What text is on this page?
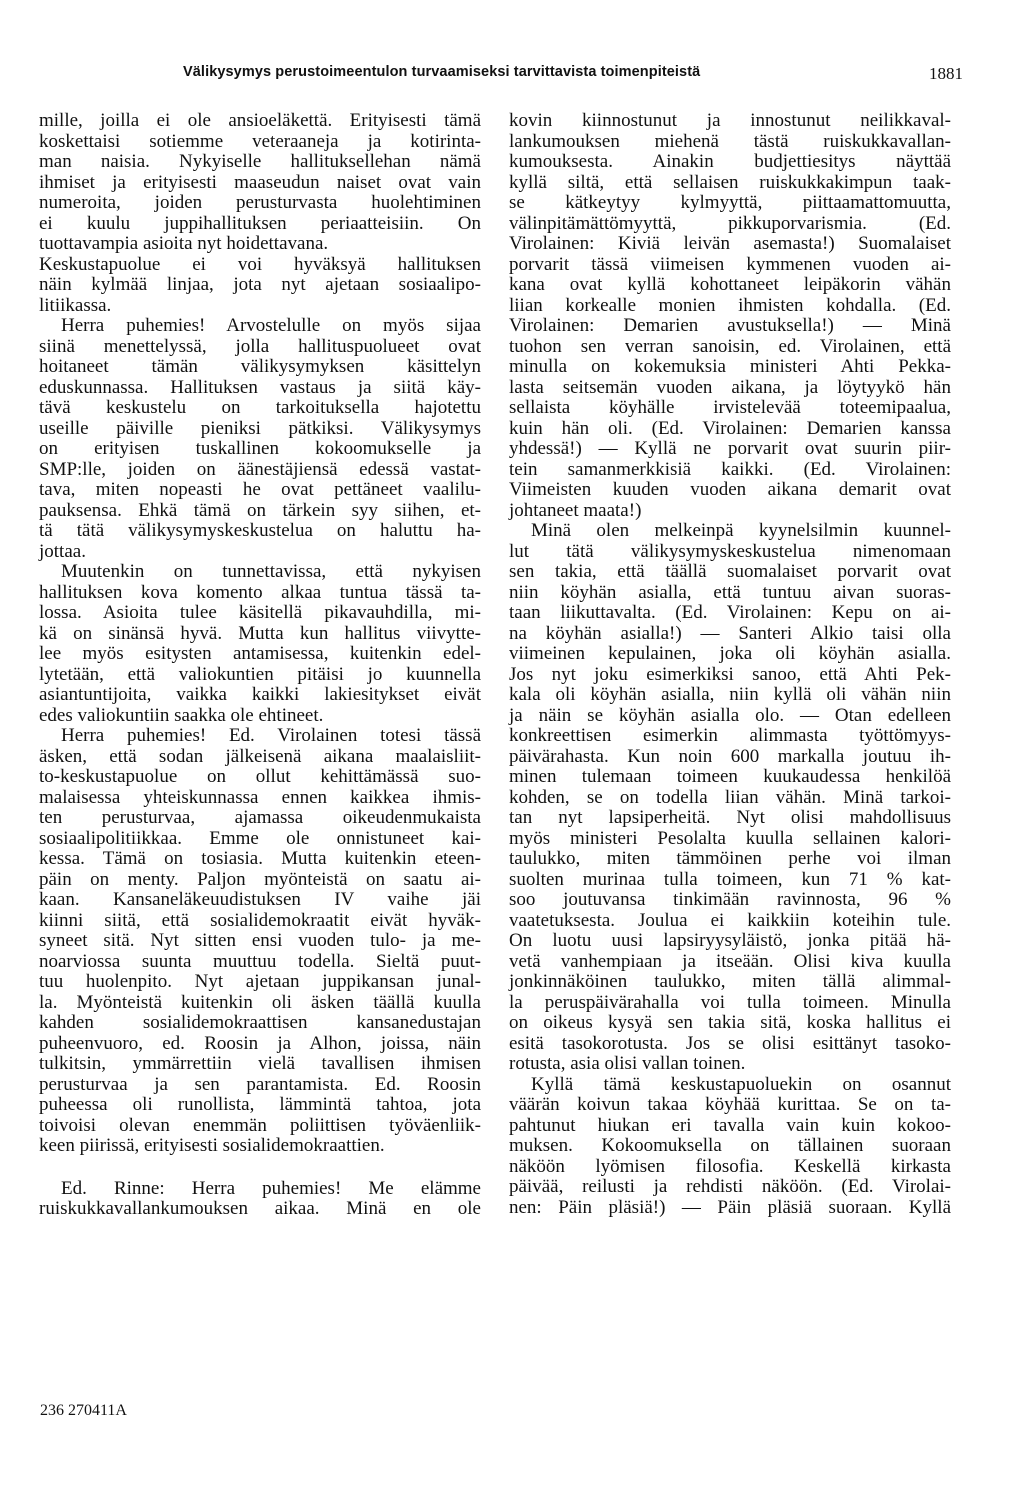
Välikysymys perustoimeentulon turvaamiseksi tarvittavista toimenpiteistä	1881
mille, joilla ei ole ansioeläkettä. Erityisesti tämä
koskettaisi sotiemme veteraaneja ja kotirinta-
man naisia. Nykyiselle hallituksellehan nämä
ihmiset ja erityisesti maaseudun naiset ovat vain
numeroita, joiden perusturvasta huolehtiminen
ei kuulu juppihallituksen periaatteisiin. On
tuottavampia asioita nyt hoidettavana.
Keskustapuolue ei voi hyväksyä hallituksen
näin kylmää linjaa, jota nyt ajetaan sosiaalipo-
litiikassa.
Herra puhemies! Arvostelulle on myös sijaa
siinä menettelyssä, jolla hallituspuolueet ovat
hoitaneet tämän välikysymyksen käsittelyn
eduskunnassa. Hallituksen vastaus ja siitä käy-
tävä keskustelu on tarkoituksella hajotettu
useille päiville pieniksi pätkiksi. Välikysymys
on erityisen tuskallinen kokoomukselle ja
SMP:lle, joiden on äänestäjiensä edessä vastat-
tava, miten nopeasti he ovat pettäneet vaalilu-
pauksensa. Ehkä tämä on tärkein syy siihen, et-
tä tätä välikysymyskeskustelua on haluttu ha-
jottaa.
Muutenkin on tunnettavissa, että nykyisen
hallituksen kova komento alkaa tuntua tässä ta-
lossa. Asioita tulee käsitellä pikavauhdilla, mi-
kä on sinänsä hyvä. Mutta kun hallitus viivytte-
lee myös esitysten antamisessa, kuitenkin edel-
lytetään, että valiokuntien pitäisi jo kuunnella
asiantuntijoita, vaikka kaikki lakiesitykset eivät
edes valiokuntiin saakka ole ehtineet.
Herra puhemies! Ed. Virolainen totesi tässä
äsken, että sodan jälkeisenä aikana maalaisliit-
to-keskustapuolue on ollut kehittämässä suo-
malaisessa yhteiskunnassa ennen kaikkea ihmis-
ten perusturvaa, ajamassa oikeudenmukaista
sosiaalipolitiikkaa. Emme ole onnistuneet kai-
kessa. Tämä on tosiasia. Mutta kuitenkin eteen-
päin on menty. Paljon myönteistä on saatu ai-
kaan. Kansaneläkeuudistuksen IV vaihe jäi
kiinni siitä, että sosialidemokraatit eivät hyväk-
syneet sitä. Nyt sitten ensi vuoden tulo- ja me-
noarviossa suunta muuttuu todella. Sieltä puut-
tuu huolenpito. Nyt ajetaan juppikansan junal-
la. Myönteistä kuitenkin oli äsken täällä kuulla
kahden sosialidemokraattisen kansanedustajan
puheenvuoro, ed. Roosin ja Alhon, joissa, näin
tulkitsin, ymmärrettiin vielä tavallisen ihmisen
perusturvaa ja sen parantamista. Ed. Roosin
puheessa oli runollista, lämmintä tahtoa, jota
toivoisi olevan enemmän poliittisen työväenliik-
keen piirissä, erityisesti sosialidemokraattien.
Ed. Rinne: Herra puhemies! Me elämme
ruiskukkavallankumouksen aikaa. Minä en ole
kovin kiinnostunut ja innostunut neilikkaval-
lankumouksen miehenä tästä ruiskukkavallan-
kumouksesta. Ainakin budjettiesitys näyttää
kyllä siltä, että sellaisen ruiskukkakimpun taak-
se kätkeytyy kylmyyttä, piittaamattomuutta,
välinpitämättömyyttä, pikkuporvarismia. (Ed.
Virolainen: Kiviä leivän asemasta!) Suomalaiset
porvarit tässä viimeisen kymmenen vuoden ai-
kana ovat kyllä kohottaneet leipäkorin vähän
liian korkealle monien ihmisten kohdalla. (Ed.
Virolainen: Demarien avustuksella!) — Minä
tuohon sen verran sanoisin, ed. Virolainen, että
minulla on kokemuksia ministeri Ahti Pekka-
lasta seitsemän vuoden aikana, ja löytyykö hän
sellaista köyhälle irvistelevää toteemipaalua,
kuin hän oli. (Ed. Virolainen: Demarien kanssa
yhdessä!) — Kyllä ne porvarit ovat suurin piir-
tein samanmerkkisiä kaikki. (Ed. Virolainen:
Viimeisten kuuden vuoden aikana demarit ovat
johtaneet maata!)
Minä olen melkeinpä kyynelsilmin kuunnel-
lut tätä välikysymyskeskustelua nimenomaan
sen takia, että täällä suomalaiset porvarit ovat
niin köyhän asialla, että tuntuu aivan suoras-
taan liikuttavalta. (Ed. Virolainen: Kepu on ai-
na köyhän asialla!) — Santeri Alkio taisi olla
viimeinen kepulainen, joka oli köyhän asialla.
Jos nyt joku esimerkiksi sanoo, että Ahti Pek-
kala oli köyhän asialla, niin kyllä oli vähän niin
ja näin se köyhän asialla olo. — Otan edelleen
konkreettisen esimerkin alimmasta työttömyys-
päivärahasta. Kun noin 600 markalla joutuu ih-
minen tulemaan toimeen kuukaudessa henkilöä
kohden, se on todella liian vähän. Minä tarkoi-
tan nyt lapsiperheitä. Nyt olisi mahdollisuus
myös ministeri Pesolalta kuulla sellainen kalori-
taulukko, miten tämmöinen perhe voi ilman
suolten murinaa tulla toimeen, kun 71 % kat-
soo joutuvansa tinkimään ravinnosta, 96 %
vaatetuksesta. Joulua ei kaikkiin koteihin tule.
On luotu uusi lapsiryysyläistö, jonka pitää hä-
vetä vanhempiaan ja itseään. Olisi kiva kuulla
jonkinnäköinen taulukko, miten tällä alimmal-
la peruspäivärahalla voi tulla toimeen. Minulla
on oikeus kysyä sen takia sitä, koska hallitus ei
esitä tasokorotusta. Jos se olisi esittänyt tasoko-
rotusta, asia olisi vallan toinen.
Kyllä tämä keskustapuoluekin on osannut
väärän koivun takaa köyhää kurittaa. Se on ta-
pahtunut hiukan eri tavalla vain kuin kokoo-
muksen. Kokoomuksella on tällainen suoraan
näköön lyömisen filosofia. Keskellä kirkasta
päivää, reilusti ja rehdisti näköön. (Ed. Virolai-
nen: Päin pläsiä!) — Päin pläsiä suoraan. Kyllä
236 270411A
